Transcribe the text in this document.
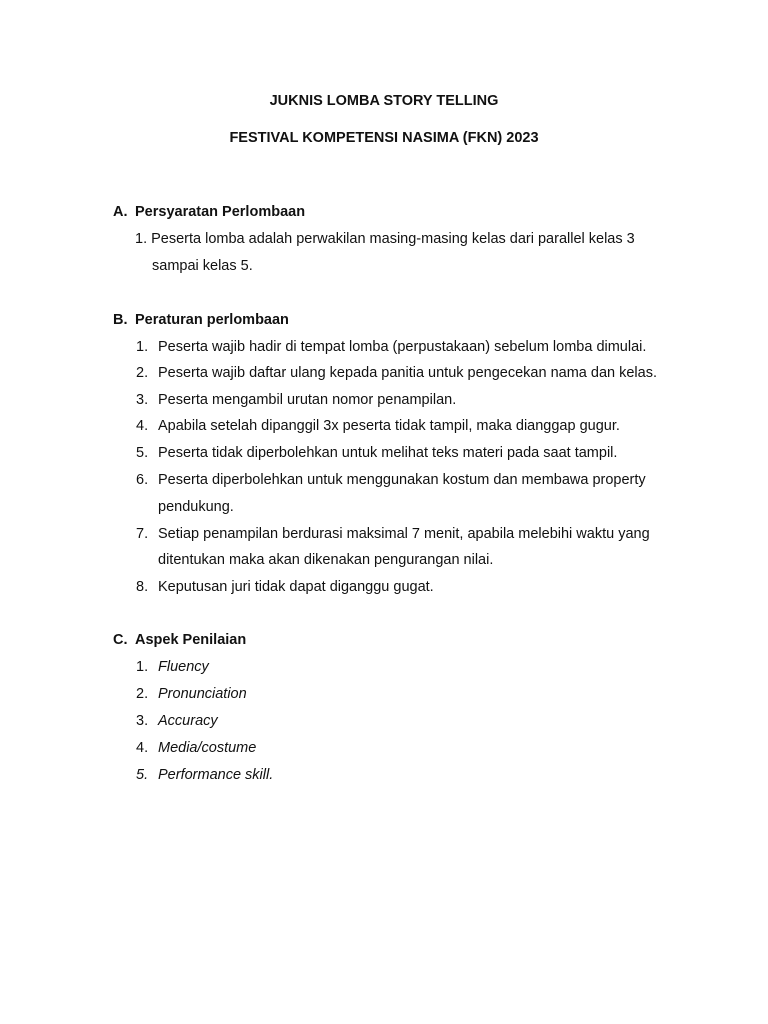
JUKNIS LOMBA STORY TELLING
FESTIVAL KOMPETENSI NASIMA (FKN) 2023
A. Persyaratan Perlombaan
1. Peserta lomba adalah perwakilan masing-masing kelas dari parallel kelas 3
sampai kelas 5.
B. Peraturan perlombaan
1. Peserta wajib hadir di tempat lomba (perpustakaan) sebelum lomba dimulai.
2. Peserta wajib daftar ulang kepada panitia untuk pengecekan nama dan kelas.
3. Peserta mengambil urutan nomor penampilan.
4. Apabila setelah dipanggil 3x peserta tidak tampil, maka dianggap gugur.
5. Peserta tidak diperbolehkan untuk melihat teks materi pada saat tampil.
6. Peserta diperbolehkan untuk menggunakan kostum dan membawa property
pendukung.
7. Setiap penampilan berdurasi maksimal 7 menit, apabila melebihi waktu yang
ditentukan maka akan dikenakan pengurangan nilai.
8. Keputusan juri tidak dapat diganggu gugat.
C. Aspek Penilaian
1. Fluency
2. Pronunciation
3. Accuracy
4. Media/costume
5. Performance skill.
